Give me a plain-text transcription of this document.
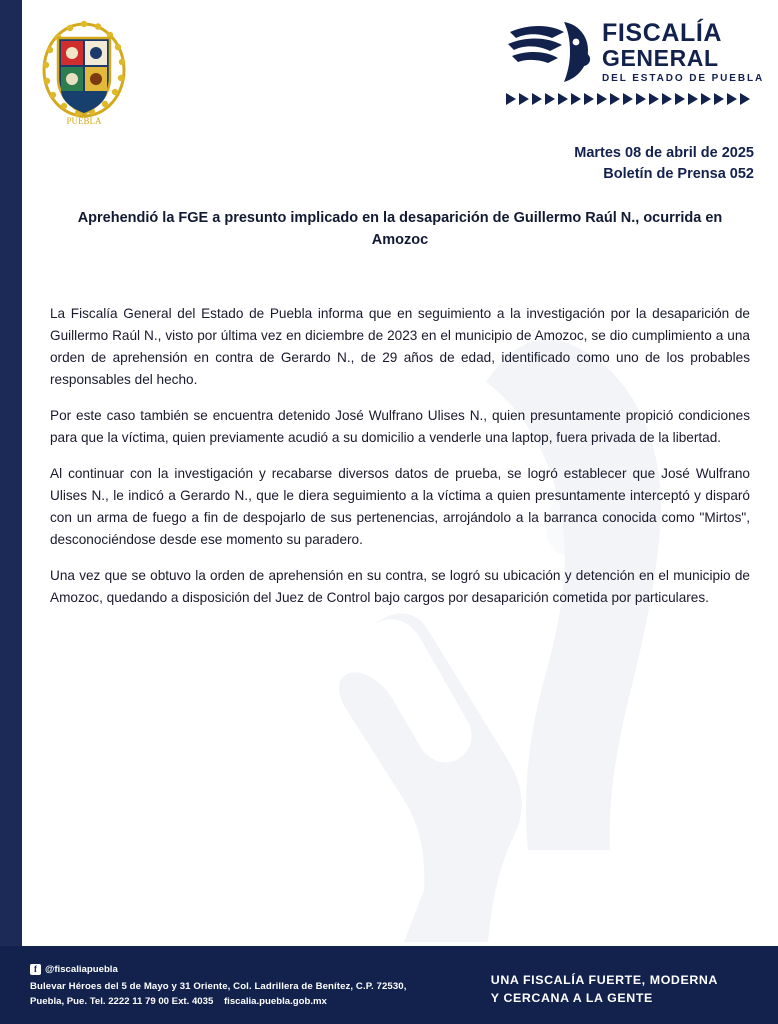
PUEBLA
FISCALÍA
GENERAL
DEL ESTADO DE PUEBLA
Martes 08 de abril de 2025
Boletín de Prensa 052
Aprehendió la FGE a presunto implicado en la desaparición de Guillermo Raúl N., ocurrida en Amozoc

La Fiscalía General del Estado de Puebla informa que en seguimiento a la investigación por la desaparición de Guillermo Raúl N., visto por última vez en diciembre de 2023 en el municipio de Amozoc, se dio cumplimiento a una orden de aprehensión en contra de Gerardo N., de 29 años de edad, identificado como uno de los probables responsables del hecho.

Por este caso también se encuentra detenido José Wulfrano Ulises N., quien presuntamente propició condiciones para que la víctima, quien previamente acudió a su domicilio a venderle una laptop, fuera privada de la libertad.

Al continuar con la investigación y recabarse diversos datos de prueba, se logró establecer que José Wulfrano Ulises N., le indicó a Gerardo N., que le diera seguimiento a la víctima a quien presuntamente interceptó y disparó con un arma de fuego a fin de despojarlo de sus pertenencias, arrojándolo a la barranca conocida como "Mirtos", desconociéndose desde ese momento su paradero.

Una vez que se obtuvo la orden de aprehensión en su contra, se logró su ubicación y detención en el municipio de Amozoc, quedando a disposición del Juez de Control bajo cargos por desaparición cometida por particulares.

f @fiscaliapuebla
Bulevar Héroes del 5 de Mayo y 31 Oriente, Col. Ladrillera de Benítez, C.P. 72530,
Puebla, Pue. Tel. 2222 11 79 00 Ext. 4035 fiscalia.puebla.gob.mx
UNA FISCALÍA FUERTE, MODERNA
Y CERCANA A LA GENTE
